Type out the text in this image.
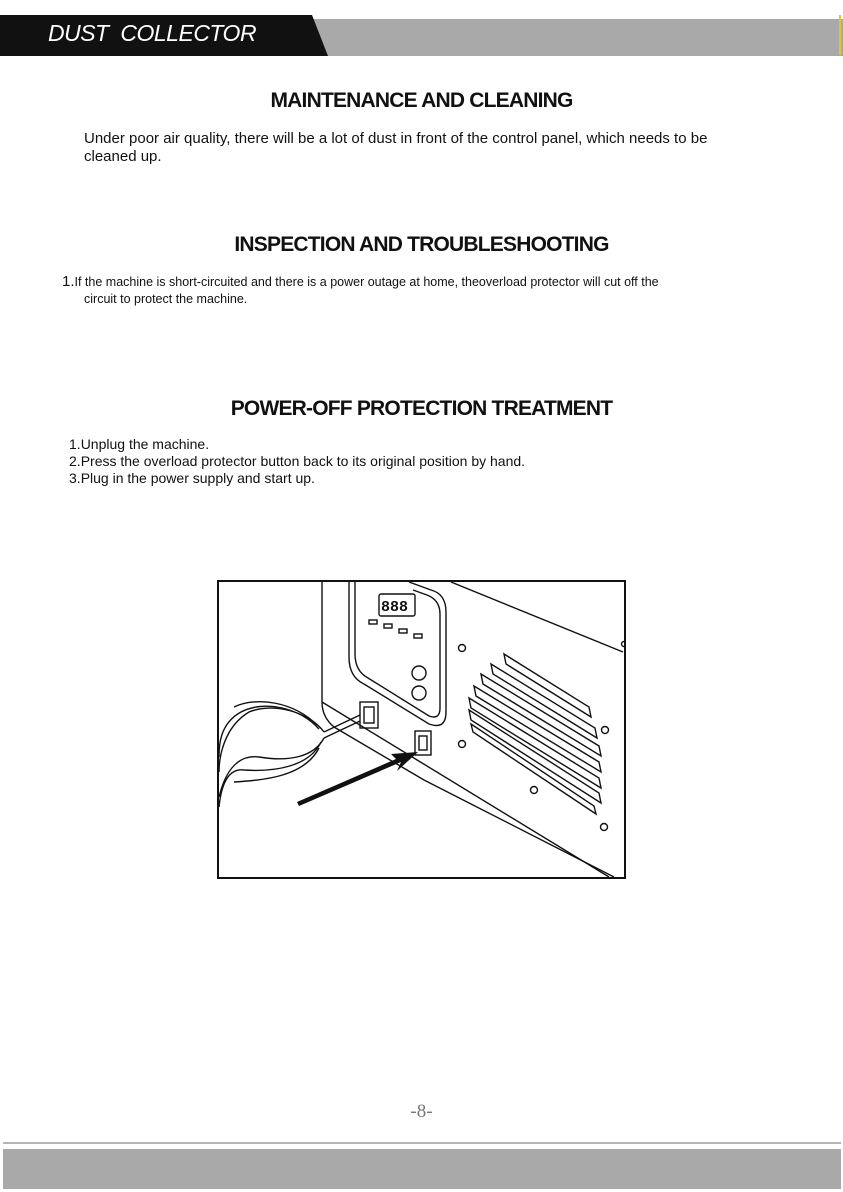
DUST  COLLECTOR
MAINTENANCE AND CLEANING
Under poor air quality, there will be a lot of dust in front of the control panel, which needs to be
cleaned up.
INSPECTION AND TROUBLESHOOTING
1.If the machine is short-circuited and there is a power outage at home, theoverload protector will cut off the
circuit to protect the machine.
POWER-OFF PROTECTION TREATMENT
1.Unplug the machine.
2.Press the overload protector button back to its original position by hand.
3.Plug in the power supply and start up.
888
-8-
